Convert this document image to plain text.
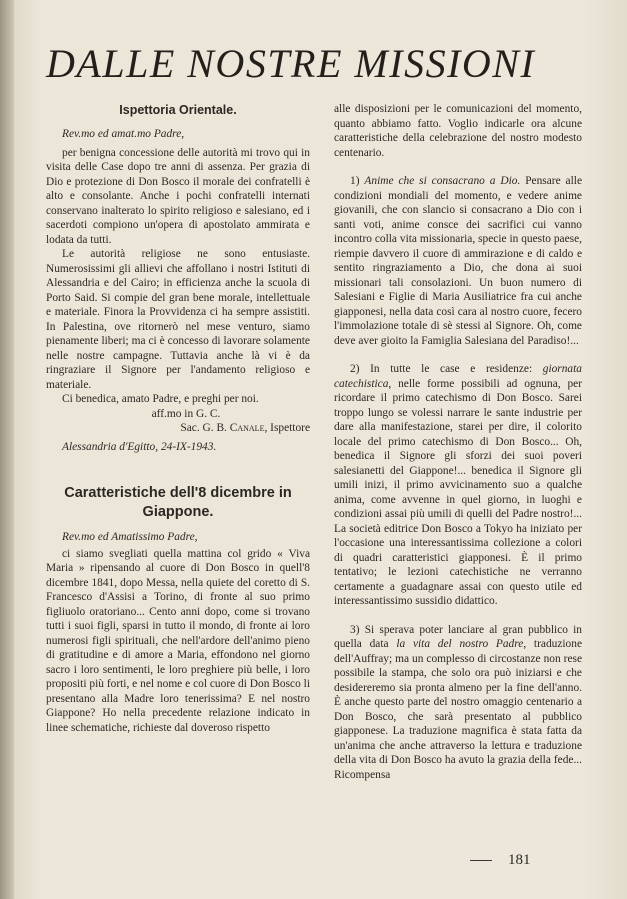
DALLE NOSTRE MISSIONI
Ispettoria Orientale.

Rev.mo ed amat.mo Padre,

per benigna concessione delle autorità mi trovo qui in visita delle Case dopo tre anni di assenza. Per grazia di Dio e protezione di Don Bosco il morale dei confratelli è alto e consolante. Anche i pochi confratelli internati conservano inalterato lo spirito religioso e salesiano, ed i sacerdoti compiono un'opera di apostolato ammirata e lodata da tutti.

Le autorità religiose ne sono entusiaste. Numerosissimi gli allievi che affollano i nostri Istituti di Alessandria e del Cairo; in efficienza anche la scuola di Porto Said. Si compie del gran bene morale, intellettuale e materiale. Finora la Provvidenza ci ha sempre assistiti. In Palestina, ove ritornerò nel mese venturo, siamo pienamente liberi; ma ci è concesso di lavorare solamente nelle nostre campagne. Tuttavia anche là vi è da ringraziare il Signore per l'andamento religioso e materiale.

Ci benedica, amato Padre, e preghi per noi.

aff.mo in G. C.

Sac. G. B. Canale, Ispettore

Alessandria d'Egitto, 24-IX-1943.

Caratteristiche dell'8 dicembre in Giappone.

Rev.mo ed Amatissimo Padre,

ci siamo svegliati quella mattina col grido « Viva Maria » ripensando al cuore di Don Bosco in quell'8 dicembre 1841, dopo Messa, nella quiete del coretto di S. Francesco d'Assisi a Torino, di fronte al suo primo figliuolo oratoriano... Cento anni dopo, come si trovano tutti i suoi figli, sparsi in tutto il mondo, di fronte ai loro numerosi figli spirituali, che nell'ardore dell'animo pieno di gratitudine e di amore a Maria, effondono nel giorno sacro i loro sentimenti, le loro preghiere più belle, i loro propositi più forti, e nel nome e col cuore di Don Bosco li presentano alla Madre loro tenerissima? E nel nostro Giappone? Ho nella precedente relazione indicato in linee schematiche, richieste dal doveroso rispetto

alle disposizioni per le comunicazioni del momento, quanto abbiamo fatto. Voglio indicarle ora alcune caratteristiche della celebrazione del nostro modesto centenario.

1) Anime che si consacrano a Dio. Pensare alle condizioni mondiali del momento, e vedere anime giovanili, che con slancio si consacrano a Dio con i santi voti, anime consce dei sacrifici cui vanno incontro colla vita missionaria, specie in questo paese, riempie davvero il cuore di ammirazione e di caldo e sentito ringraziamento a Dio, che dona ai suoi missionari tali consolazioni. Un buon numero di Salesiani e Figlie di Maria Ausiliatrice fra cui anche giapponesi, nella data così cara al nostro cuore, fecero l'immolazione totale di sè stessi al Signore. Oh, come deve aver gioito la Famiglia Salesiana del Paradiso!...

2) In tutte le case e residenze: giornata catechistica, nelle forme possibili ad ognuna, per ricordare il primo catechismo di Don Bosco. Sarei troppo lungo se volessi narrare le sante industrie per dare alla manifestazione, starei per dire, il colorito locale del primo catechismo di Don Bosco... Oh, benedica il Signore gli sforzi dei suoi poveri salesianetti del Giappone!... benedica il Signore gli umili inizi, il primo avvicinamento suo a qualche anima, come avvenne in quel giorno, in luoghi e condizioni assai più umili di quelli del Padre nostro!... La società editrice Don Bosco a Tokyo ha iniziato per l'occasione una interessantissima collezione a colori di quadri caratteristici giapponesi. È il primo tentativo; le lezioni catechistiche ne verranno certamente a guadagnare assai con questo utile ed interessantissimo sussidio didattico.

3) Si sperava poter lanciare al gran pubblico in quella data la vita del nostro Padre, traduzione dell'Auffray; ma un complesso di circostanze non rese possibile la stampa, che solo ora può iniziarsi e che desidereremo sia pronta almeno per la fine dell'anno. È anche questo parte del nostro omaggio centenario a Don Bosco, che sarà presentato al pubblico giapponese. La traduzione magnifica è stata fatta da un'anima che anche attraverso la lettura e traduzione della vita di Don Bosco ha avuto la grazia della fede... Ricompensa

181
